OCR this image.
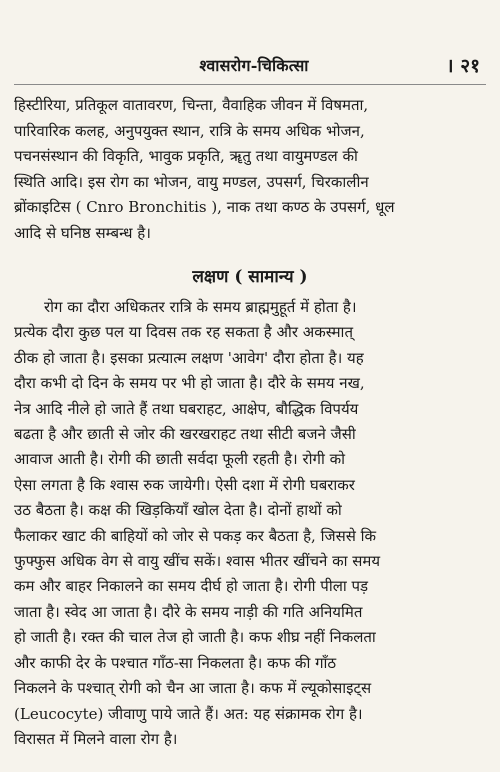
श्वासरोग-चिकित्सा	। २१
हिस्टीरिया, प्रतिकूल वातावरण, चिन्ता, वैवाहिक जीवन में विषमता,
पारिवारिक कलह, अनुपयुक्त स्थान, रात्रि के समय अधिक भोजन,
पचनसंस्थान की विकृति, भावुक प्रकृति, ॠतु तथा वायुमण्डल की
स्थिति आदि। इस रोग का भोजन, वायु मण्डल, उपसर्ग, चिरकालीन
ब्रोंकाइटिस ( Cnro Bronchitis ), नाक तथा कण्ठ के उपसर्ग, धूल
आदि से घनिष्ठ सम्बन्ध है।
लक्षण ( सामान्य )
रोग का दौरा अधिकतर रात्रि के समय ब्राह्ममुहूर्त में होता है।
प्रत्येक दौरा कुछ पल या दिवस तक रह सकता है और अकस्मात्
ठीक हो जाता है। इसका प्रत्यात्म लक्षण 'आवेग' दौरा होता है। यह
दौरा कभी दो दिन के समय पर भी हो जाता है। दौरे के समय नख,
नेत्र आदि नीले हो जाते हैं तथा घबराहट, आक्षेप, बौद्धिक विपर्यय
बढता है और छाती से जोर की खरखराहट तथा सीटी बजने जैसी
आवाज आती है। रोगी की छाती सर्वदा फूली रहती है। रोगी को
ऐसा लगता है कि श्वास रुक जायेगी। ऐसी दशा में रोगी घबराकर
उठ बैठता है। कक्ष की खिड़कियाँ खोल देता है। दोनों हाथों को
फैलाकर खाट की बाहियों को जोर से पकड़ कर बैठता है, जिससे कि
फुफ्फुस अधिक वेग से वायु खींच सकें। श्वास भीतर खींचने का समय
कम और बाहर निकालने का समय दीर्घ हो जाता है। रोगी पीला पड़
जाता है। स्वेद आ जाता है। दौरे के समय नाड़ी की गति अनियमित
हो जाती है। रक्त की चाल तेज हो जाती है। कफ शीघ्र नहीं निकलता
और काफी देर के पश्चात गाँठ-सा निकलता है। कफ की गाँठ
निकलने के पश्चात् रोगी को चैन आ जाता है। कफ में ल्यूकोसाइट्स
(Leucocyte) जीवाणु पाये जाते हैं। अत: यह संक्रामक रोग है।
विरासत में मिलने वाला रोग है।
